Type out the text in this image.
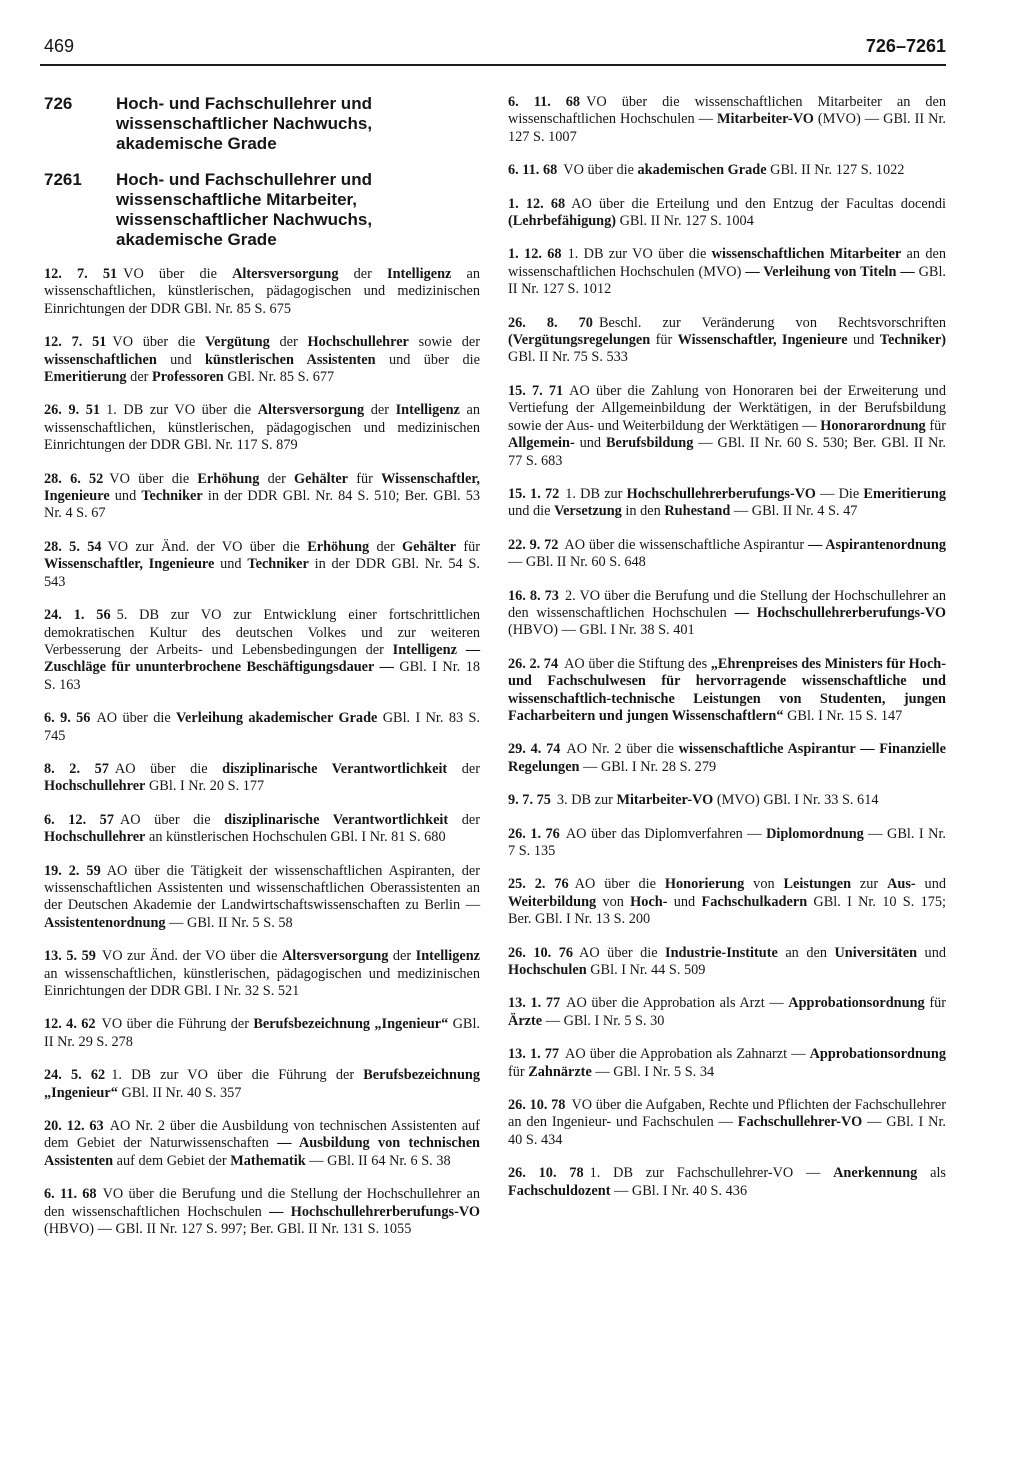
469	726–7261
726	Hoch- und Fachschullehrer und wissenschaftlicher Nachwuchs, akademische Grade
7261	Hoch- und Fachschullehrer und wissenschaftliche Mitarbeiter, wissenschaftlicher Nachwuchs, akademische Grade
12. 7. 51 VO über die Altersversorgung der Intelligenz an wissenschaftlichen, künstlerischen, pädagogischen und medizinischen Einrichtungen der DDR GBl. Nr. 85 S. 675
12. 7. 51 VO über die Vergütung der Hochschullehrer sowie der wissenschaftlichen und künstlerischen Assistenten und über die Emeritierung der Professoren GBl. Nr. 85 S. 677
26. 9. 51 1. DB zur VO über die Altersversorgung der Intelligenz an wissenschaftlichen, künstlerischen, pädagogischen und medizinischen Einrichtungen der DDR GBl. Nr. 117 S. 879
28. 6. 52 VO über die Erhöhung der Gehälter für Wissenschaftler, Ingenieure und Techniker in der DDR GBl. Nr. 84 S. 510; Ber. GBl. 53 Nr. 4 S. 67
28. 5. 54 VO zur Änd. der VO über die Erhöhung der Gehälter für Wissenschaftler, Ingenieure und Techniker in der DDR GBl. Nr. 54 S. 543
24. 1. 56 5. DB zur VO zur Entwicklung einer fortschrittlichen demokratischen Kultur des deutschen Volkes und zur weiteren Verbesserung der Arbeits- und Lebensbedingungen der Intelligenz — Zuschläge für ununterbrochene Beschäftigungsdauer — GBl. I Nr. 18 S. 163
6. 9. 56 AO über die Verleihung akademischer Grade GBl. I Nr. 83 S. 745
8. 2. 57 AO über die disziplinarische Verantwortlichkeit der Hochschullehrer GBl. I Nr. 20 S. 177
6. 12. 57 AO über die disziplinarische Verantwortlichkeit der Hochschullehrer an künstlerischen Hochschulen GBl. I Nr. 81 S. 680
19. 2. 59 AO über die Tätigkeit der wissenschaftlichen Aspiranten, der wissenschaftlichen Assistenten und wissenschaftlichen Oberassistenten an der Deutschen Akademie der Landwirtschaftswissenschaften zu Berlin — Assistentenordnung — GBl. II Nr. 5 S. 58
13. 5. 59 VO zur Änd. der VO über die Altersversorgung der Intelligenz an wissenschaftlichen, künstlerischen, pädagogischen und medizinischen Einrichtungen der DDR GBl. I Nr. 32 S. 521
12. 4. 62 VO über die Führung der Berufsbezeichnung „Ingenieur“ GBl. II Nr. 29 S. 278
24. 5. 62 1. DB zur VO über die Führung der Berufsbezeichnung „Ingenieur“ GBl. II Nr. 40 S. 357
20. 12. 63 AO Nr. 2 über die Ausbildung von technischen Assistenten auf dem Gebiet der Naturwissenschaften — Ausbildung von technischen Assistenten auf dem Gebiet der Mathematik — GBl. II 64 Nr. 6 S. 38
6. 11. 68 VO über die Berufung und die Stellung der Hochschullehrer an den wissenschaftlichen Hochschulen — Hochschullehrerberufungs-VO (HBVO) — GBl. II Nr. 127 S. 997; Ber. GBl. II Nr. 131 S. 1055
6. 11. 68 VO über die wissenschaftlichen Mitarbeiter an den wissenschaftlichen Hochschulen — Mitarbeiter-VO (MVO) — GBl. II Nr. 127 S. 1007
6. 11. 68 VO über die akademischen Grade GBl. II Nr. 127 S. 1022
1. 12. 68 AO über die Erteilung und den Entzug der Facultas docendi (Lehrbefähigung) GBl. II Nr. 127 S. 1004
1. 12. 68 1. DB zur VO über die wissenschaftlichen Mitarbeiter an den wissenschaftlichen Hochschulen (MVO) — Verleihung von Titeln — GBl. II Nr. 127 S. 1012
26. 8. 70 Beschl. zur Veränderung von Rechtsvorschriften (Vergütungsregelungen für Wissenschaftler, Ingenieure und Techniker) GBl. II Nr. 75 S. 533
15. 7. 71 AO über die Zahlung von Honoraren bei der Erweiterung und Vertiefung der Allgemeinbildung der Werktätigen, in der Berufsbildung sowie der Aus- und Weiterbildung der Werktätigen — Honorarordnung für Allgemein- und Berufsbildung — GBl. II Nr. 60 S. 530; Ber. GBl. II Nr. 77 S. 683
15. 1. 72 1. DB zur Hochschullehrerberufungs-VO — Die Emeritierung und die Versetzung in den Ruhestand — GBl. II Nr. 4 S. 47
22. 9. 72 AO über die wissenschaftliche Aspirantur — Aspirantenordnung — GBl. II Nr. 60 S. 648
16. 8. 73 2. VO über die Berufung und die Stellung der Hochschullehrer an den wissenschaftlichen Hochschulen — Hochschullehrerberufungs-VO (HBVO) — GBl. I Nr. 38 S. 401
26. 2. 74 AO über die Stiftung des „Ehrenpreises des Ministers für Hoch- und Fachschulwesen für hervorragende wissenschaftliche und wissenschaftlich-technische Leistungen von Studenten, jungen Facharbeitern und jungen Wissenschaftlern“ GBl. I Nr. 15 S. 147
29. 4. 74 AO Nr. 2 über die wissenschaftliche Aspirantur — Finanzielle Regelungen — GBl. I Nr. 28 S. 279
9. 7. 75 3. DB zur Mitarbeiter-VO (MVO) GBl. I Nr. 33 S. 614
26. 1. 76 AO über das Diplomverfahren — Diplomordnung — GBl. I Nr. 7 S. 135
25. 2. 76 AO über die Honorierung von Leistungen zur Aus- und Weiterbildung von Hoch- und Fachschulkadern GBl. I Nr. 10 S. 175; Ber. GBl. I Nr. 13 S. 200
26. 10. 76 AO über die Industrie-Institute an den Universitäten und Hochschulen GBl. I Nr. 44 S. 509
13. 1. 77 AO über die Approbation als Arzt — Approbationsordnung für Ärzte — GBl. I Nr. 5 S. 30
13. 1. 77 AO über die Approbation als Zahnarzt — Approbationsordnung für Zahnärzte — GBl. I Nr. 5 S. 34
26. 10. 78 VO über die Aufgaben, Rechte und Pflichten der Fachschullehrer an den Ingenieur- und Fachschulen — Fachschullehrer-VO — GBl. I Nr. 40 S. 434
26. 10. 78 1. DB zur Fachschullehrer-VO — Anerkennung als Fachschuldozent — GBl. I Nr. 40 S. 436
